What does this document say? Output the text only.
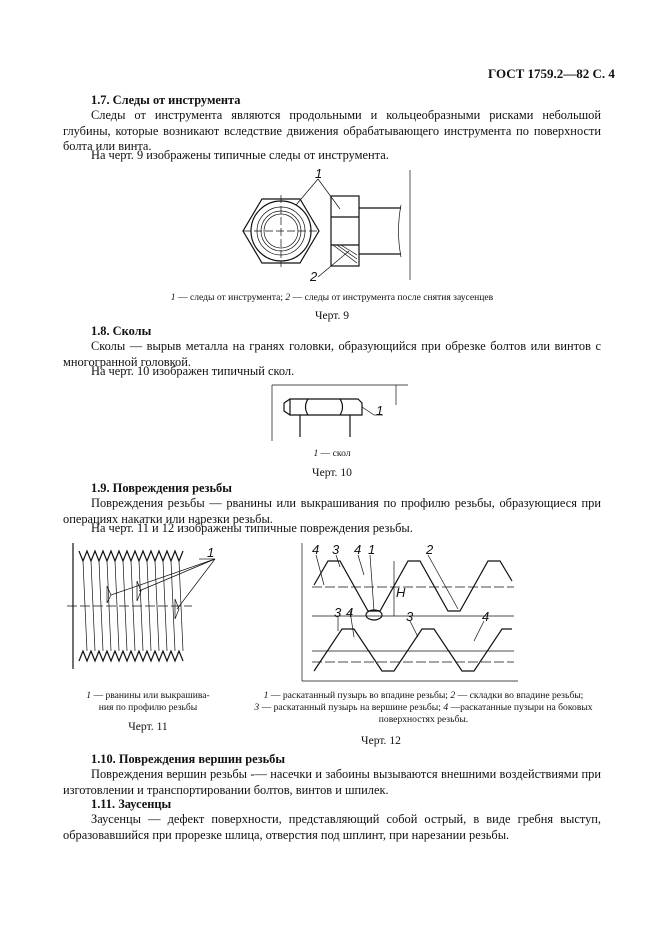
ГОСТ 1759.2—82 С. 4
1.7. Следы от инструмента
Следы от инструмента являются продольными и кольцеобразными рисками небольшой глубины, которые возникают вследствие движения обрабатывающего инструмента по поверхности болта или винта.
На черт. 9 изображены типичные следы от инструмента.
1
2
1 — следы от инструмента; 2 — следы от инструмента после снятия заусенцев
Черт. 9
1.8. Сколы
Сколы — вырыв металла на гранях головки, образующийся при обрезке болтов или винтов с многогранной головкой.
На черт. 10 изображен типичный скол.
1
1 — скол
Черт. 10
1.9. Повреждения резьбы
Повреждения резьбы — рванины или выкрашивания по профилю резьбы, образующиеся при операциях накатки или нарезки резьбы.
На черт. 11 и 12 изображены типичные повреждения резьбы.
1
1 — рванины или выкрашива-
ния по профилю резьбы
Черт. 11
H
4 3 4 1	2
3 4	3	4
1 — раскатанный пузырь во впадине резьбы; 2 — складки во впадине резьбы;
3 — раскатанный пузырь на вершине резьбы; 4 —раскатанные пузыри на боковых
поверхностях резьбы.
Черт. 12
1.10. Повреждения вершин резьбы
Повреждения вершин резьбы -— насечки и забоины вызываются внешними воздействиями при изготовлении и транспортировании болтов, винтов и шпилек.
1.11. Заусенцы
Заусенцы — дефект поверхности, представляющий собой острый, в виде гребня выступ, образовавшийся при прорезке шлица, отверстия под шплинт, при нарезании резьбы.
